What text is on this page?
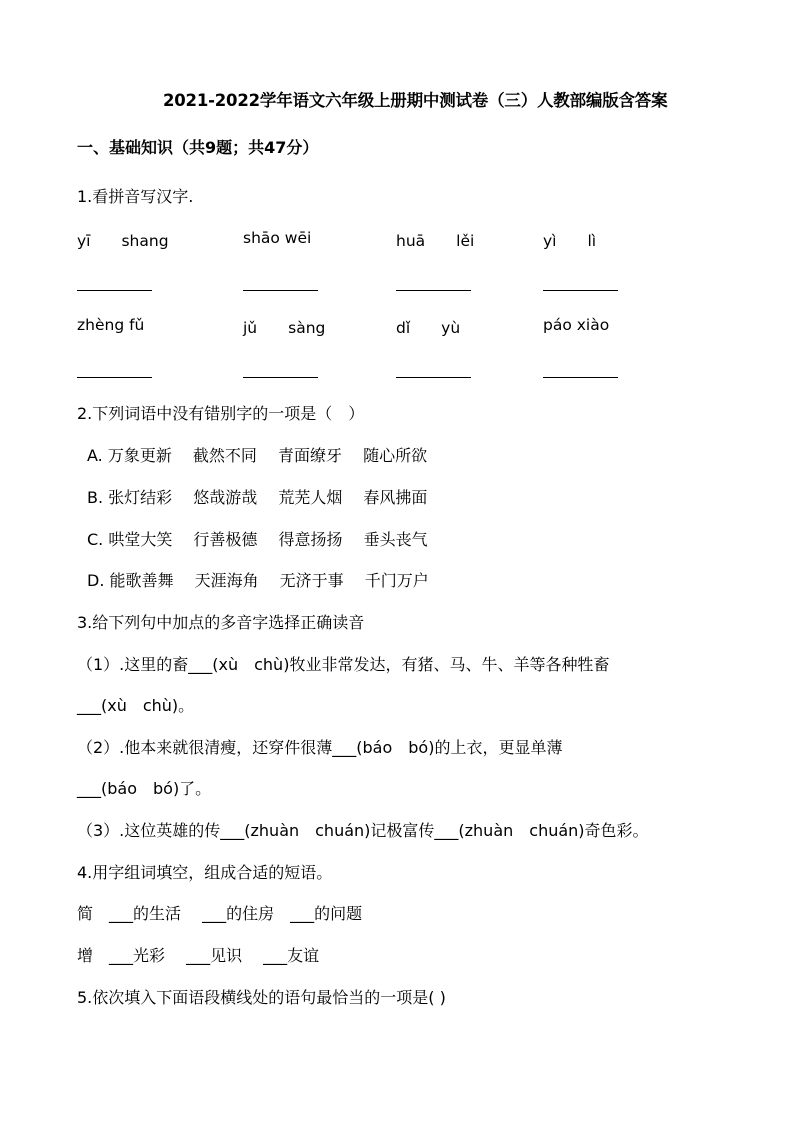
2021-2022学年语文六年级上册期中测试卷（三）人教部编版含答案
一、基础知识（共9题；共47分）
1.看拼音写汉字.
yī　　shang	shāo wēi	huā　　lěi	yì　　lì
zhèng fǔ	jǔ　　sàng	dǐ　　yù	páo xiào
2.下列词语中没有错别字的一项是（　）
A. 万象更新　 截然不同　 青面缭牙　 随心所欲
B. 张灯结彩　 悠哉游哉　 荒芜人烟　 春风拂面
C. 哄堂大笑　 行善极德　 得意扬扬　 垂头丧气
D. 能歌善舞　 天涯海角　 无济于事　 千门万户
3.给下列句中加点的多音字选择正确读音
（1）.这里的畜___(xù　chù)牧业非常发达，有猪、马、牛、羊等各种牲畜
___(xù　chù)。
（2）.他本来就很清瘦，还穿件很薄___(báo　bó)的上衣，更显单薄
___(báo　bó)了。
（3）.这位英雄的传___(zhuàn　chuán)记极富传___(zhuàn　chuán)奇色彩。
4.用字组词填空，组成合适的短语。
简　___的生活　 ___的住房　___的问题
增　___光彩　 ___见识　 ___友谊
5.依次填入下面语段横线处的语句最恰当的一项是( )
